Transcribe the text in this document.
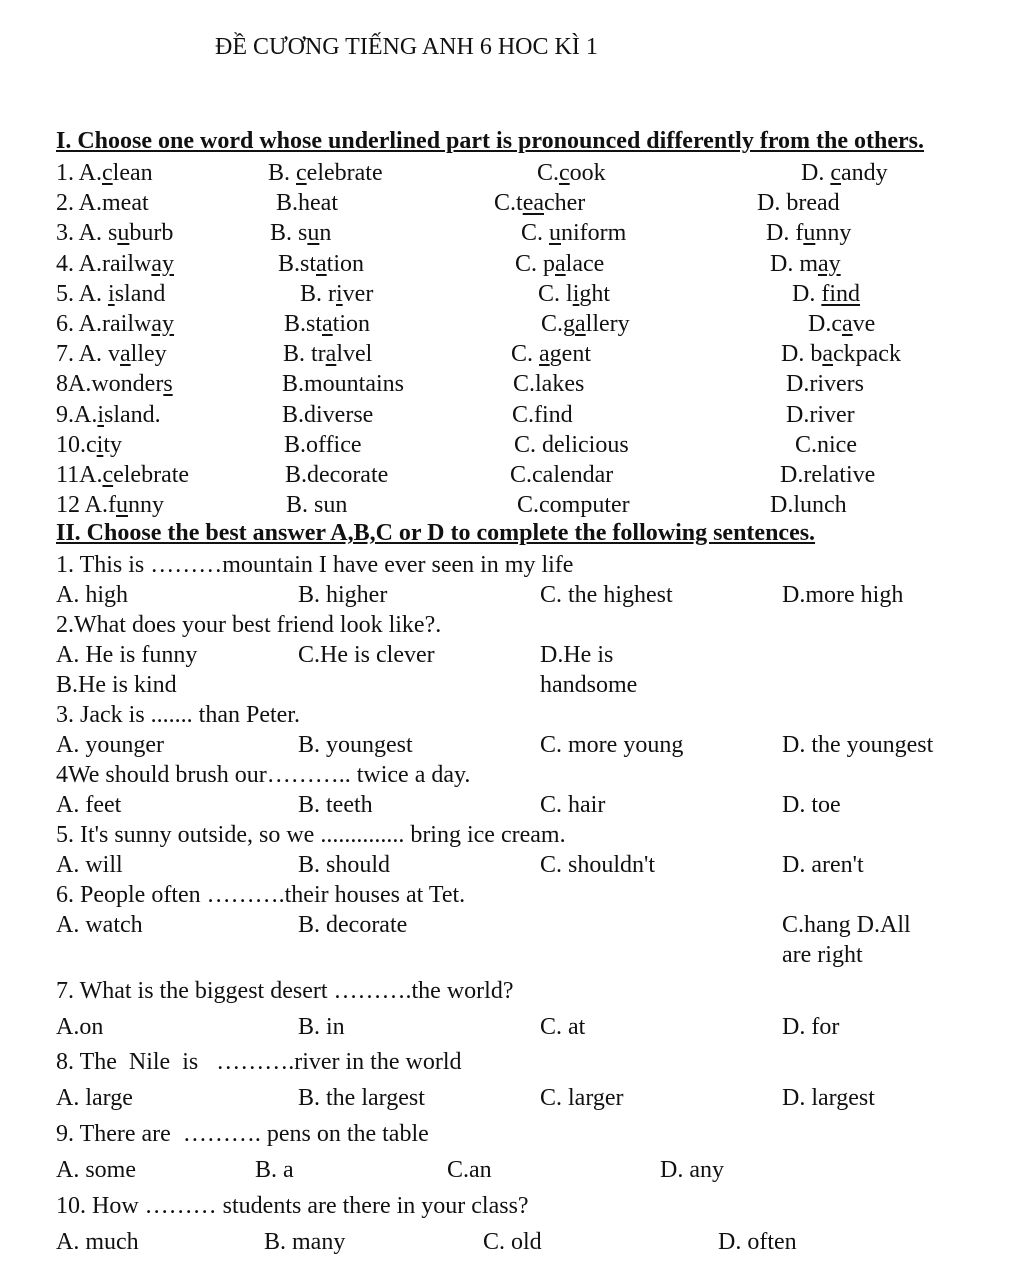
ĐỀ CƯƠNG TIẾNG ANH 6 HOC KÌ 1
I. Choose one word whose underlined part is pronounced differently from the others.
1. A.clean	B. celebrate	C.cook	D. candy
2. A.meat	B.heat	C.teacher	D. bread
3. A. suburb	B. sun	C. uniform	D. funny
4. A.railway	B.station	C. palace	D. may
5. A. island	B. river	C. light	D. find
6. A.railway	B.station	C.gallery	D.cave
7. A. valley	B. tralvel	C. agent	D. backpack
8A.wonders	B.mountains	C.lakes	D.rivers
9.A.island.	B.diverse	C.find	D.river
10.city	B.office	C. delicious	C.nice
11A.celebrate	B.decorate	C.calendar	D.relative
12 A.funny	B. sun	C.computer	D.lunch
II. Choose the best answer A,B,C or D to complete the following sentences.
1. This is ………mountain I have ever seen in my life
A. high	B. higher	C. the highest	D.more high
2.What does your best friend look like?.
A. He is funny	C.He is clever	D.He is handsome
B.He is kind
3. Jack is ....... than Peter.
A. younger	B. youngest	C. more young	D. the youngest
4We should brush our……….. twice a day.
A. feet	B. teeth	C. hair	D. toe
5. It's sunny outside, so we .............. bring ice cream.
A. will	B. should	C. shouldn't	D. aren't
6. People often ……….their houses at Tet.
A. watch	B. decorate	C.hang D.All are right
7. What is the biggest desert ……….the world?
A.on	B. in	C. at	D. for
8. The  Nile  is   ……….river in the world
A. large	B. the largest	C. larger	D. largest
9. There are  ………. pens on the table
A. some	B. a	C.an	D. any
10. How ……… students are there in your class?
A. much	B. many	C. old	D. often
